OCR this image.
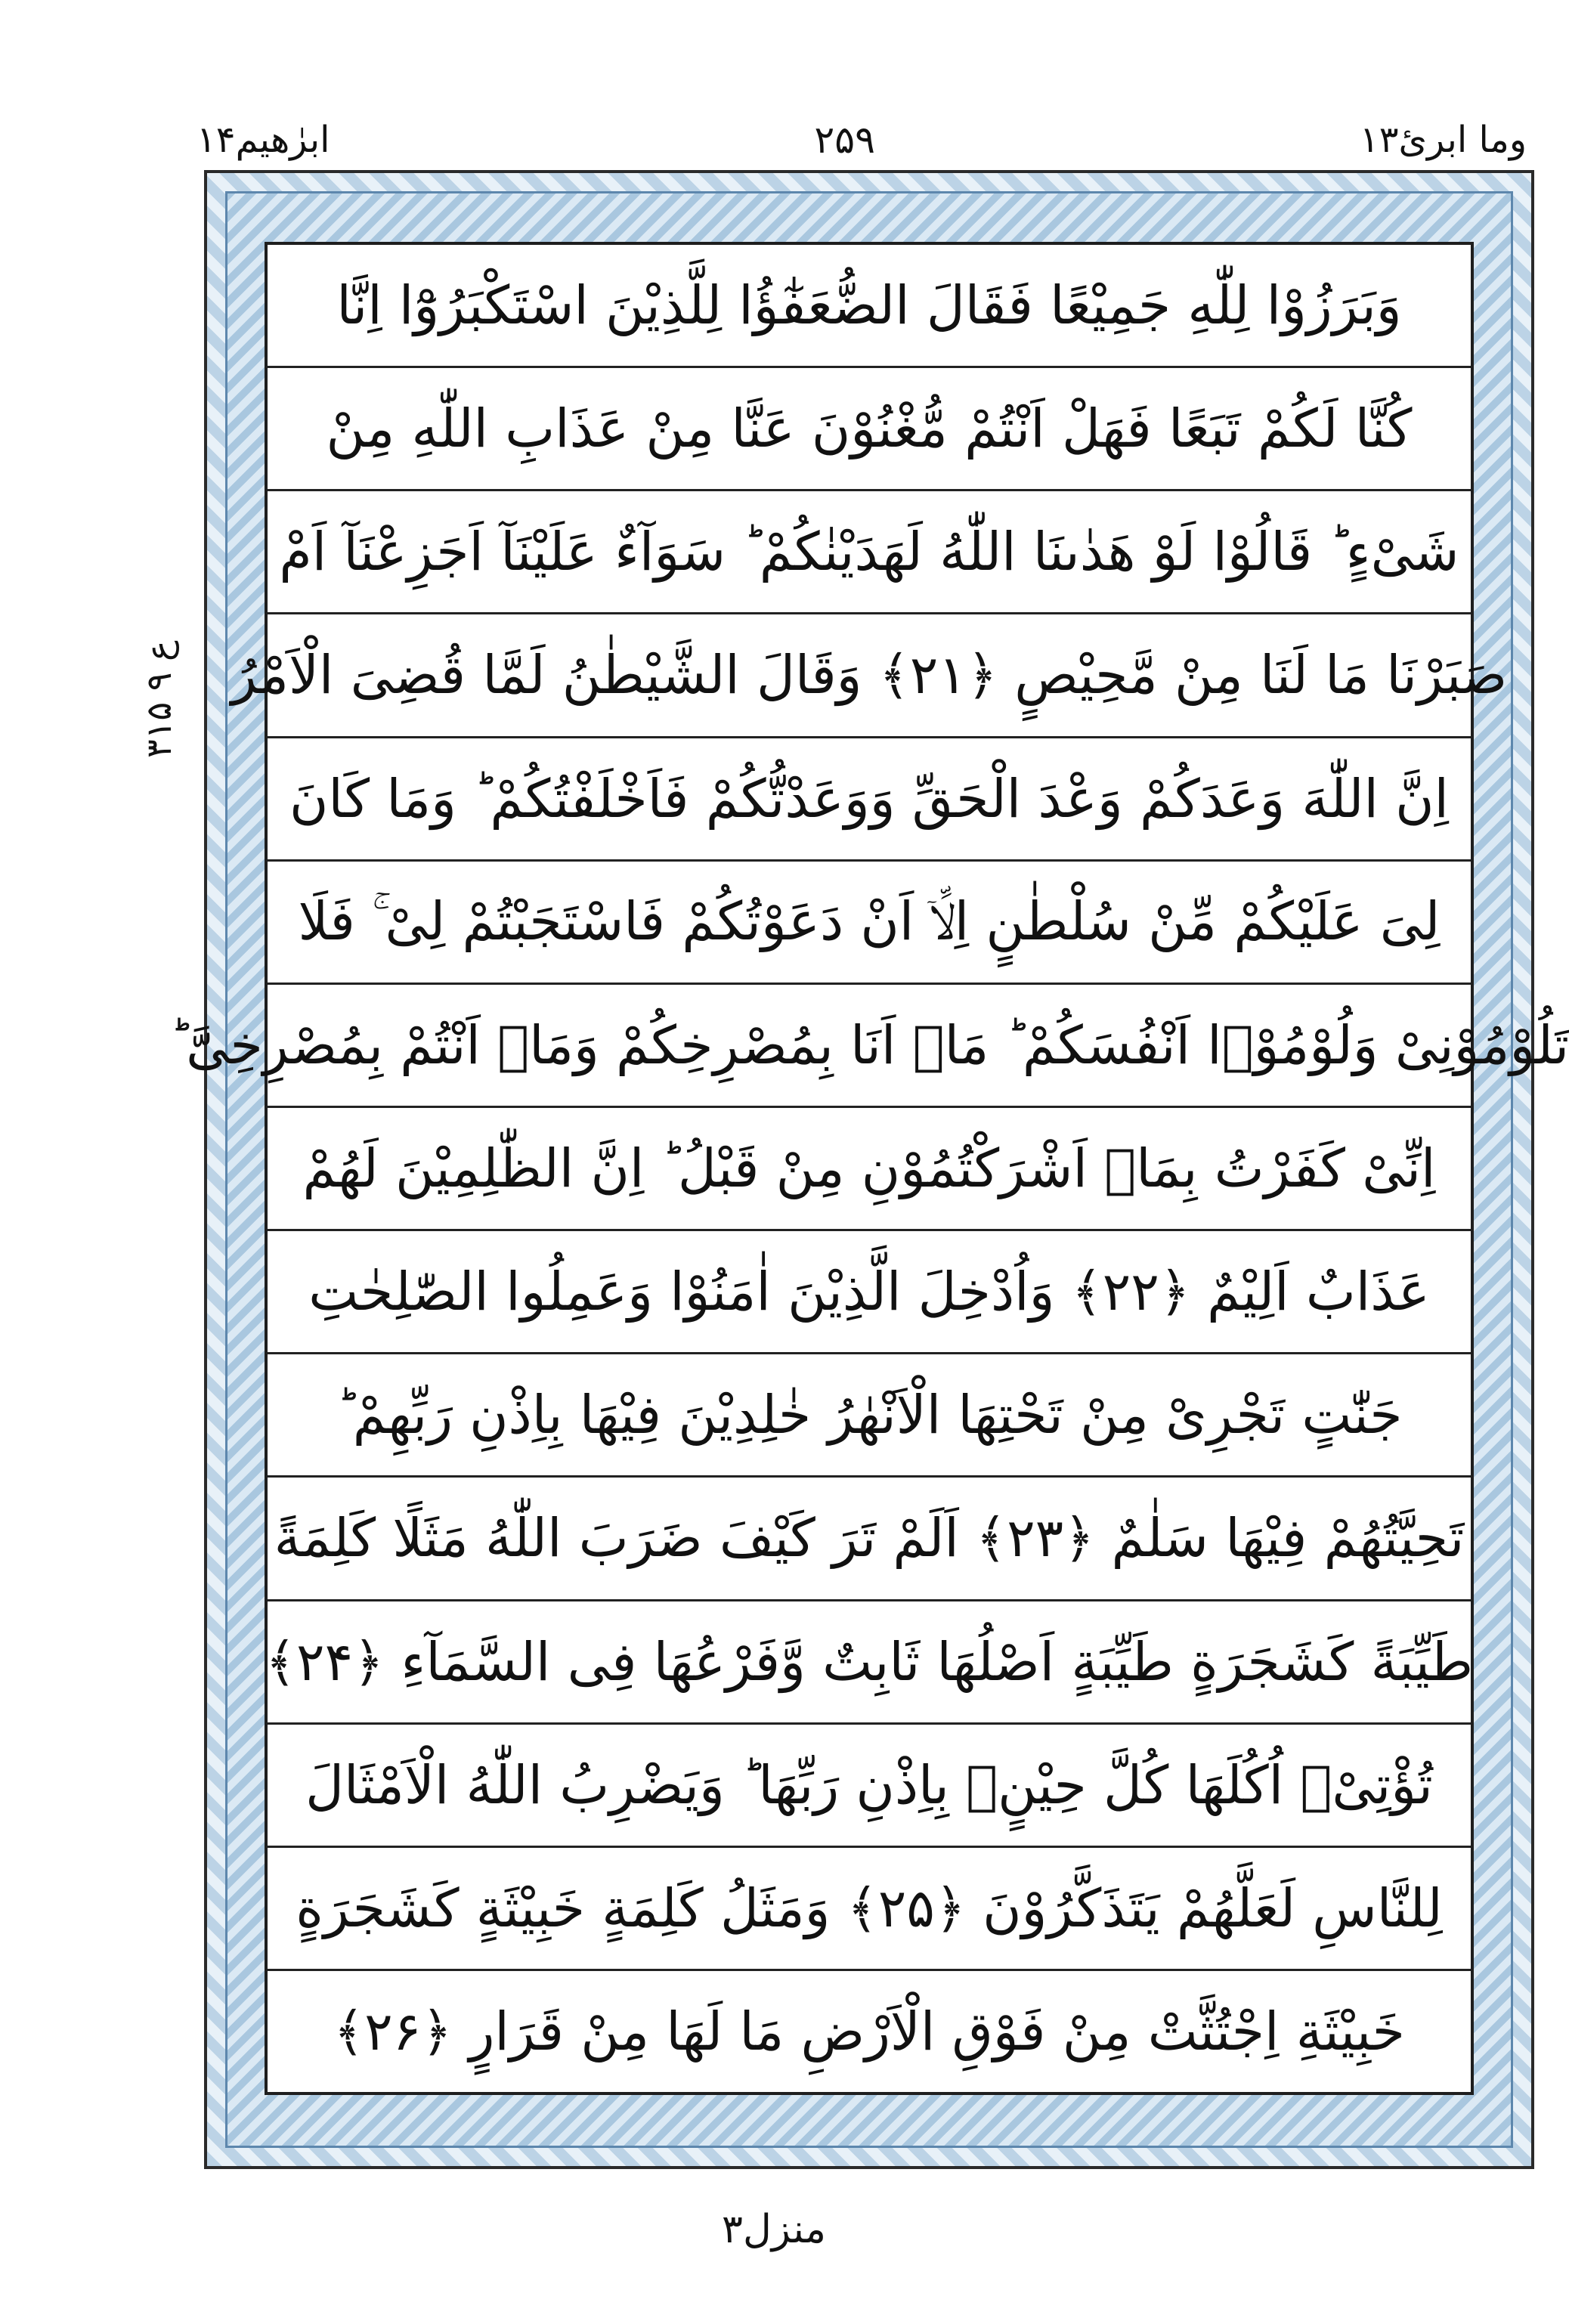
وما ابریٔ۱۳
۲۵۹
ابرٰھیم۱۴
۳ع ۹ ۱۵
وَبَرَزُوْا لِلّٰهِ جَمِيْعًا فَقَالَ الضُّعَفٰٓؤُا لِلَّذِيْنَ اسْتَكْبَرُوْٓا اِنَّا
كُنَّا لَكُمْ تَبَعًا فَهَلْ اَنْتُمْ مُّغْنُوْنَ عَنَّا مِنْ عَذَابِ اللّٰهِ مِنْ
شَیْءٍ ؕ قَالُوْا لَوْ هَدٰىنَا اللّٰهُ لَهَدَيْنٰكُمْ ؕ سَوَآءٌ عَلَيْنَآ اَجَزِعْنَآ اَمْ
صَبَرْنَا مَا لَنَا مِنْ مَّحِيْصٍ ﴿۲۱﴾ وَقَالَ الشَّيْطٰنُ لَمَّا قُضِیَ الْاَمْرُ
اِنَّ اللّٰهَ وَعَدَكُمْ وَعْدَ الْحَقِّ وَوَعَدْتُّكُمْ فَاَخْلَفْتُكُمْ ؕ وَمَا كَانَ
لِیَ عَلَيْكُمْ مِّنْ سُلْطٰنٍ اِلَّاۤ اَنْ دَعَوْتُكُمْ فَاسْتَجَبْتُمْ لِیْ ۚ فَلَا
تَلُوْمُوْنِیْ وَلُوْمُوْۤا اَنْفُسَكُمْ ؕ مَاۤ اَنَا بِمُصْرِخِكُمْ وَمَاۤ اَنْتُمْ بِمُصْرِخِیَّ ؕ
اِنِّیْ كَفَرْتُ بِمَاۤ اَشْرَكْتُمُوْنِ مِنْ قَبْلُ ؕ اِنَّ الظّٰلِمِيْنَ لَهُمْ
عَذَابٌ اَلِيْمٌ ﴿۲۲﴾ وَاُدْخِلَ الَّذِيْنَ اٰمَنُوْا وَعَمِلُوا الصّٰلِحٰتِ
جَنّٰتٍ تَجْرِیْ مِنْ تَحْتِهَا الْاَنْهٰرُ خٰلِدِيْنَ فِيْهَا بِاِذْنِ رَبِّهِمْ ؕ
تَحِيَّتُهُمْ فِيْهَا سَلٰمٌ ﴿۲۳﴾ اَلَمْ تَرَ كَيْفَ ضَرَبَ اللّٰهُ مَثَلًا كَلِمَةً
طَيِّبَةً كَشَجَرَةٍ طَيِّبَةٍ اَصْلُهَا ثَابِتٌ وَّفَرْعُهَا فِی السَّمَآءِ ﴿۲۴﴾
تُؤْتِیْۤ اُكُلَهَا كُلَّ حِيْنٍۭ بِاِذْنِ رَبِّهَا ؕ وَيَضْرِبُ اللّٰهُ الْاَمْثَالَ
لِلنَّاسِ لَعَلَّهُمْ يَتَذَكَّرُوْنَ ﴿۲۵﴾ وَمَثَلُ كَلِمَةٍ خَبِيْثَةٍ كَشَجَرَةٍ
خَبِيْثَةِ اِجْتُثَّتْ مِنْ فَوْقِ الْاَرْضِ مَا لَهَا مِنْ قَرَارٍ ﴿۲۶﴾
منزل۳
